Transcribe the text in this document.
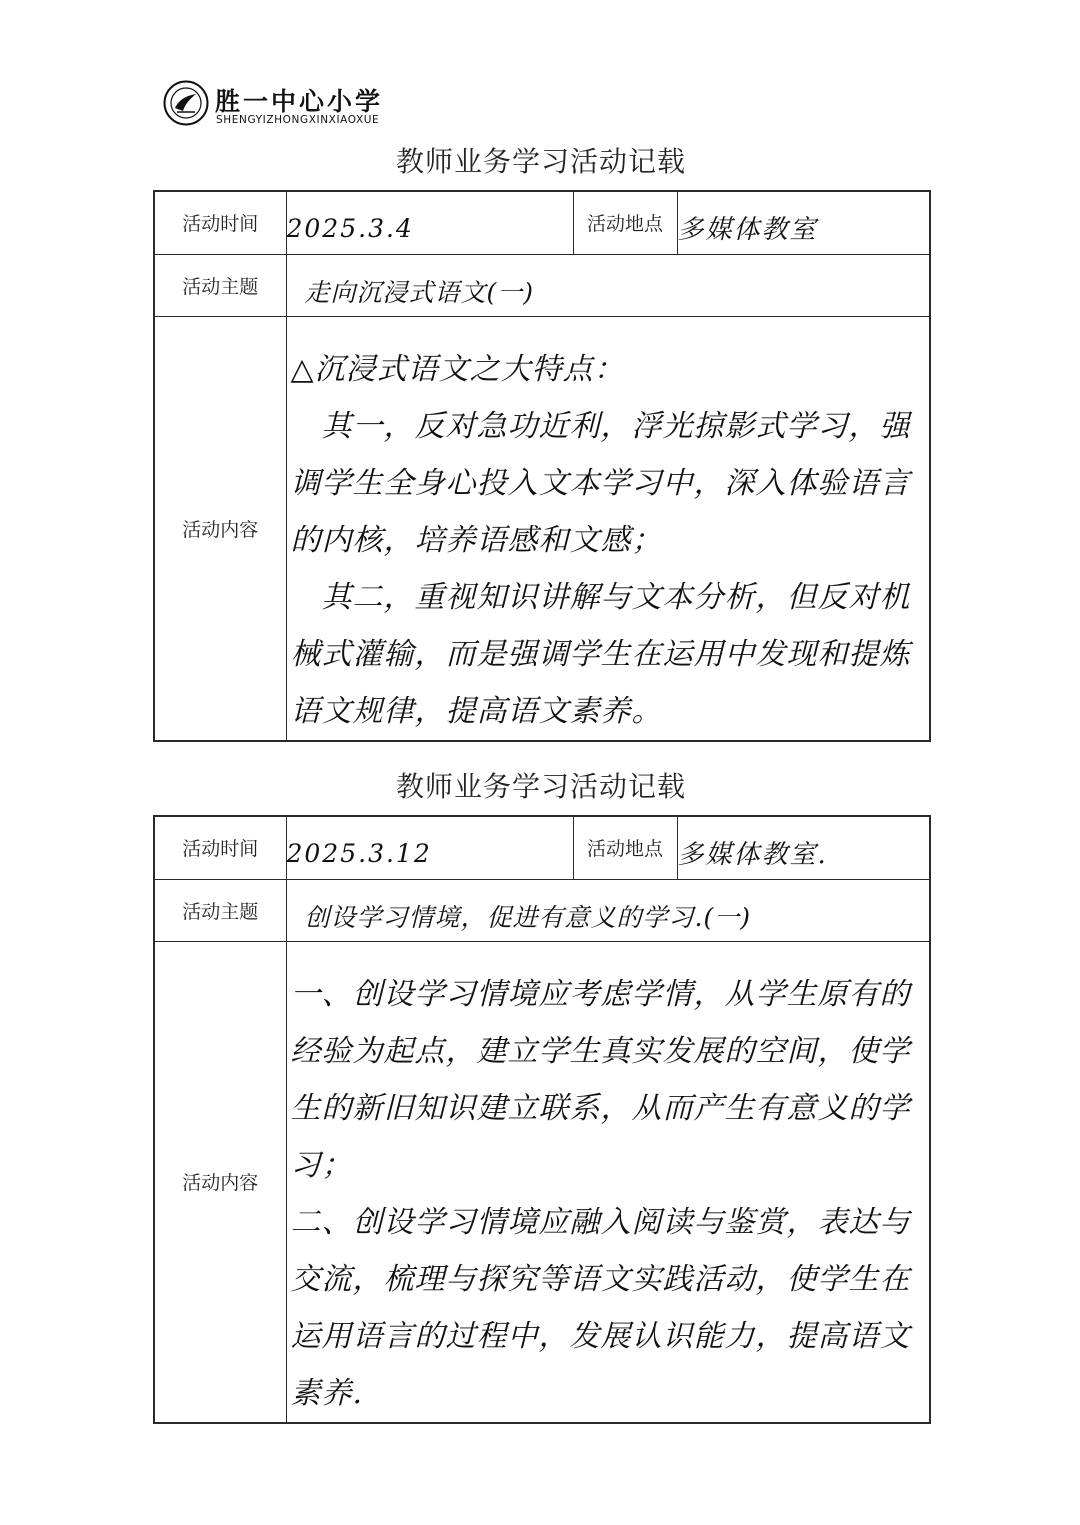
胜一中心小学
SHENGYIZHONGXINXIAOXUE
教师业务学习活动记载
活动时间	2025.3.4	活动地点	多媒体教室

活动主题	走向沉浸式语文(一)		

活动内容	△沉浸式语文之大特点：

　其一，反对急功近利，浮光掠影式学习，强调学生全身心投入文本学习中，深入体验语言的内核，培养语感和文感；

　其二，重视知识讲解与文本分析，但反对机械式灌输，而是强调学生在运用中发现和提炼语文规律，提高语文素养。		

教师业务学习活动记载
活动时间	2025.3.12	活动地点	多媒体教室.

活动主题	创设学习情境，促进有意义的学习.(一)		

活动内容	一、创设学习情境应考虑学情，从学生原有的经验为起点，建立学生真实发展的空间，使学生的新旧知识建立联系，从而产生有意义的学习；

二、创设学习情境应融入阅读与鉴赏，表达与交流，梳理与探究等语文实践活动，使学生在运用语言的过程中，发展认识能力，提高语文素养.		
